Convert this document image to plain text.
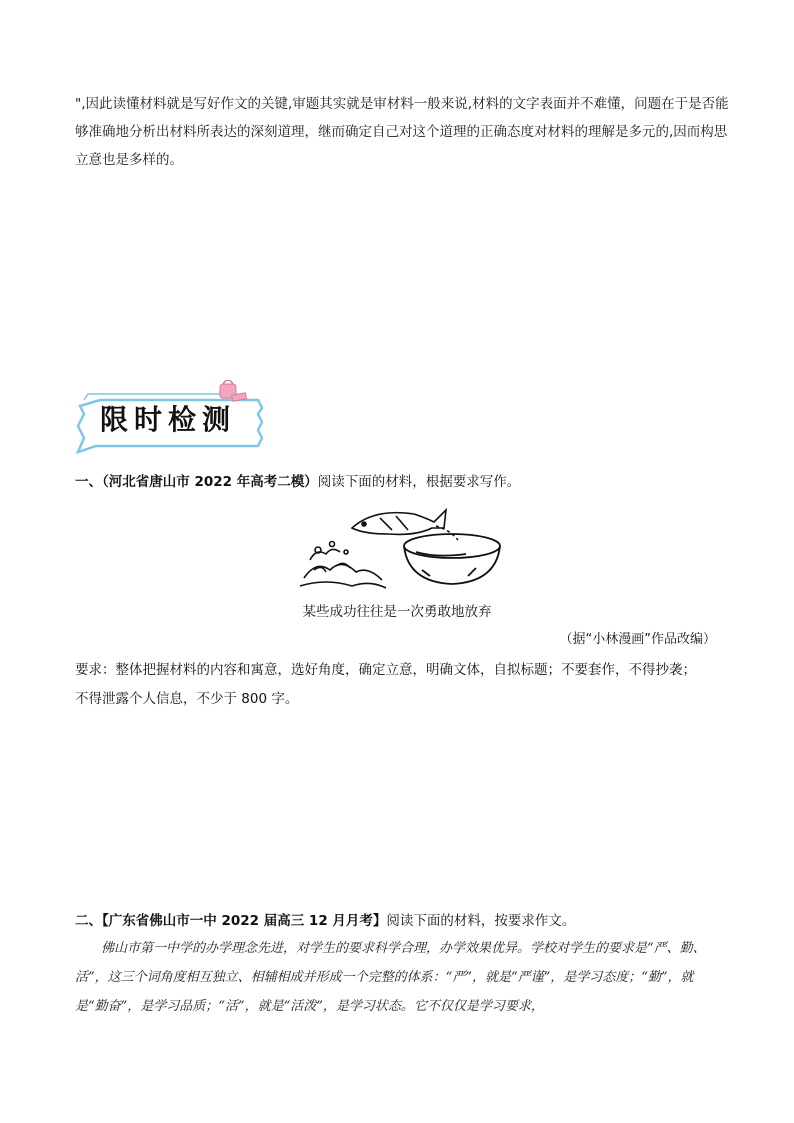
",因此读懂材料就是写好作文的关键,审题其实就是审材料一般来说,材料的文字表面并不难懂，问题在于是否能够准确地分析出材料所表达的深刻道理，继而确定自己对这个道理的正确态度对材料的理解是多元的,因而构思立意也是多样的。
限时检测
一、（河北省唐山市 2022 年高考二模）阅读下面的材料，根据要求写作。
某些成功往往是一次勇敢地放弃
（据“小林漫画”作品改编）
要求：整体把握材料的内容和寓意，选好角度，确定立意，明确文体，自拟标题；不要套作，不得抄袭；
不得泄露个人信息，不少于 800 字。
二、【广东省佛山市一中 2022 届高三 12 月月考】阅读下面的材料，按要求作文。
佛山市第一中学的办学理念先进，对学生的要求科学合理，办学效果优异。学校对学生的要求是“严、勤、活”，这三个词角度相互独立、相辅相成并形成一个完整的体系：“严”，就是“严谨”，是学习态度；“勤”，就是“勤奋”，是学习品质；“活”，就是“活泼”，是学习状态。它不仅仅是学习要求，
